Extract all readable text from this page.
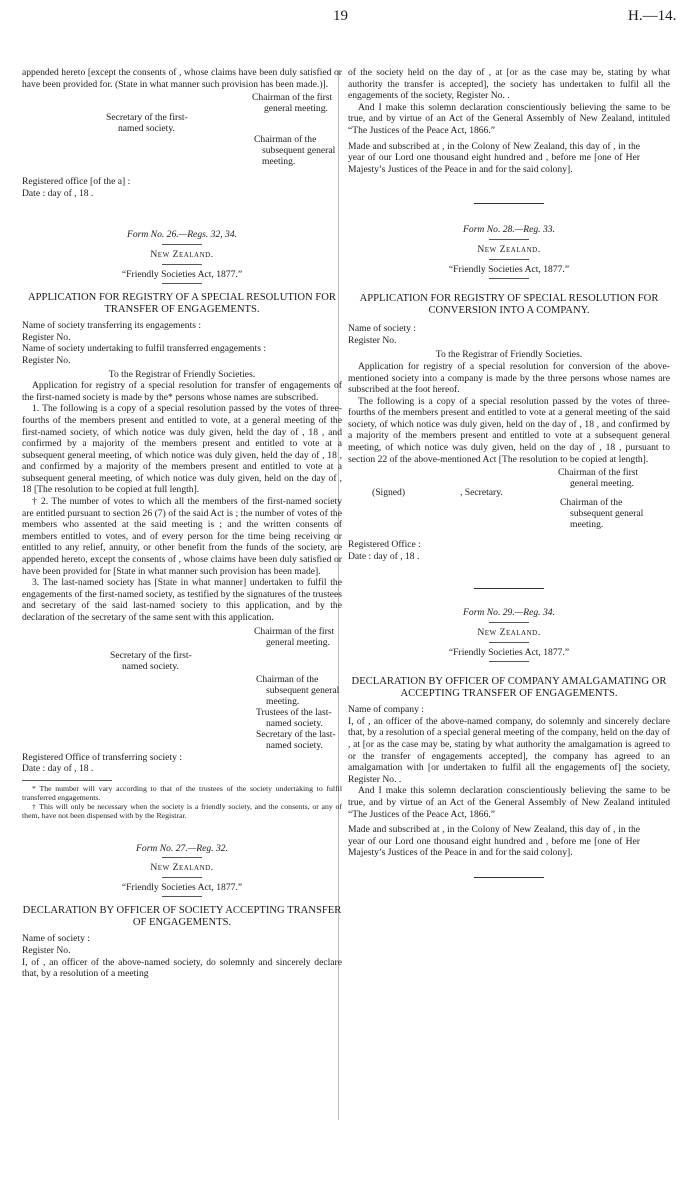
19	H.—14.

appended hereto [except the consents of , whose claims have been duly satisfied or have been provided for. (State in what manner such provision has been made.)].

Chairman of the first
general meeting.
Secretary of the first-
named society.
Chairman of the
subsequent general
meeting.

Registered office [of the a] :

Date : day of , 18 .

Form No. 26.—Regs. 32, 34.

New Zealand.

“Friendly Societies Act, 1877.”

APPLICATION FOR REGISTRY OF A SPECIAL RESOLUTION FOR TRANSFER OF ENGAGEMENTS.

Name of society transferring its engagements :

Register No.

Name of society undertaking to fulfil transferred engagements :

Register No.

To the Registrar of Friendly Societies.

Application for registry of a special resolution for transfer of engagements of the first-named society is made by the* persons whose names are subscribed.

1. The following is a copy of a special resolution passed by the votes of three-fourths of the members present and entitled to vote, at a general meeting of the first-named society, of which notice was duly given, held the day of , 18 , and confirmed by a majority of the members present and entitled to vote at a subsequent general meeting, of which notice was duly given, held the day of , 18 , and confirmed by a majority of the members present and entitled to vote at a subsequent general meeting, of which notice was duly given, held on the day of , 18 [The resolution to be copied at full length].

† 2. The number of votes to which all the members of the first-named society are entitled pursuant to section 26 (7) of the said Act is ; the number of votes of the members who assented at the said meeting is ; and the written consents of members entitled to votes, and of every person for the time being receiving or entitled to any relief, annuity, or other benefit from the funds of the society, are appended hereto, except the consents of , whose claims have been duly satisfied or have been provided for [State in what manner such provision has been made].

3. The last-named society has [State in what manner] undertaken to fulfil the engagements of the first-named society, as testified by the signatures of the trustees and secretary of the said last-named society to this application, and by the declaration of the secretary of the same sent with this application.

Chairman of the first
general meeting.
Secretary of the first-
named society.
Chairman of the
subsequent general
meeting.
Trustees of the last-
named society.
Secretary of the last-
named society.

Registered Office of transferring society :

Date : day of , 18 .

* The number will vary according to that of the trustees of the society undertaking to fulfil transferred engagements.

† This will only be necessary when the society is a friendly society, and the consents, or any of them, have not been dispensed with by the Registrar.

Form No. 27.—Reg. 32.

New Zealand.

“Friendly Societies Act, 1877.”

DECLARATION BY OFFICER OF SOCIETY ACCEPTING TRANSFER OF ENGAGEMENTS.

Name of society :

Register No.

I, of , an officer of the above-named society, do solemnly and sincerely declare that, by a resolution of a meeting

of the society held on the day of , at [or as the case may be, stating by what authority the transfer is accepted], the society has undertaken to fulfil all the engagements of the society, Register No. .

And I make this solemn declaration conscientiously believing the same to be true, and by virtue of an Act of the General Assembly of New Zealand, intituled “The Justices of the Peace Act, 1866.”

Made and subscribed at , in the Colony of New Zealand, this day of , in the year of our Lord one thousand eight hundred and , before me [one of Her Majesty’s Justices of the Peace in and for the said colony].

Form No. 28.—Reg. 33.

New Zealand.

“Friendly Societies Act, 1877.”

APPLICATION FOR REGISTRY OF SPECIAL RESOLUTION FOR CONVERSION INTO A COMPANY.

Name of society :

Register No.

To the Registrar of Friendly Societies.

Application for registry of a special resolution for conversion of the above-mentioned society into a company is made by the three persons whose names are subscribed at the foot hereof.

The following is a copy of a special resolution passed by the votes of three-fourths of the members present and entitled to vote at a general meeting of the said society, of which notice was duly given, held on the day of , 18 , and confirmed by a majority of the members present and entitled to vote at a subsequent general meeting, of which notice was duly given, held on the day of , 18 , pursuant to section 22 of the above-mentioned Act [The resolution to be copied at length].

Chairman of the first
general meeting.
(Signed)	, Secretary.
Chairman of the
subsequent general
meeting.

Registered Office :

Date : day of , 18 .

Form No. 29.—Reg. 34.

New Zealand.

“Friendly Societies Act, 1877.”

DECLARATION BY OFFICER OF COMPANY AMALGAMATING OR ACCEPTING TRANSFER OF ENGAGEMENTS.

Name of company :

I, of , an officer of the above-named company, do solemnly and sincerely declare that, by a resolution of a special general meeting of the company, held on the day of , at [or as the case may be, stating by what authority the amalgamation is agreed to or the transfer of engagements accepted], the company has agreed to an amalgamation with [or undertaken to fulfil all the engagements of] the society, Register No. .

And I make this solemn declaration conscientiously believing the same to be true, and by virtue of an Act of the General Assembly of New Zealand intituled “The Justices of the Peace Act, 1866.”

Made and subscribed at , in the Colony of New Zealand, this day of , in the year of our Lord one thousand eight hundred and , before me [one of Her Majesty’s Justices of the Peace in and for the said colony].
